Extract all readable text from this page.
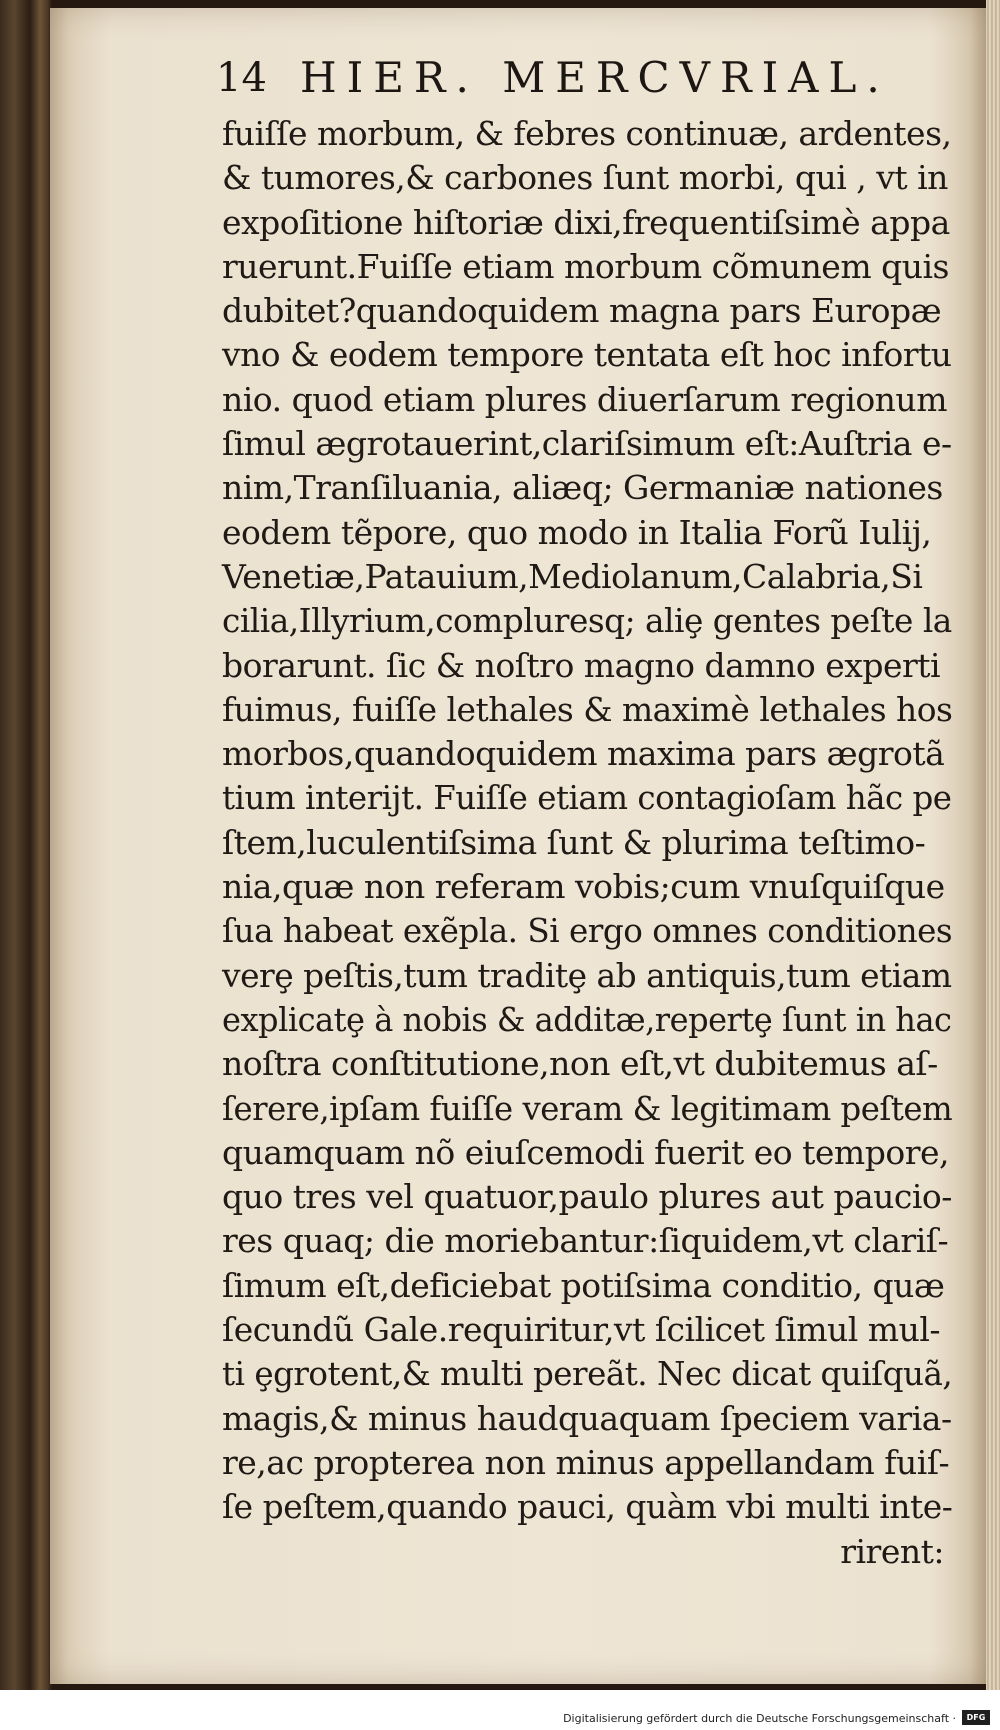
14 HIER. MERCVRIAL.
fuiſſe morbum, & febres continuæ, ardentes,
& tumores,& carbones ſunt morbi, qui , vt in
expoſitione hiſtoriæ dixi,frequentiſsimè appa
ruerunt.Fuiſſe etiam morbum cõmunem quis
dubitet?quandoquidem magna pars Europæ
vno & eodem tempore tentata eſt hoc infortu
nio. quod etiam plures diuerſarum regionum
ſimul ægrotauerint,clariſsimum eſt:Auſtria e-
nim,Tranſiluania, aliæq; Germaniæ nationes
eodem tẽpore, quo modo in Italia Forũ Iulij,
Venetiæ,Patauium,Mediolanum,Calabria,Si
cilia,Illyrium,compluresq; aliȩ gentes peſte la
borarunt. ſic & noſtro magno damno experti
fuimus, fuiſſe lethales & maximè lethales hos
morbos,quandoquidem maxima pars ægrotã
tium interijt. Fuiſſe etiam contagioſam hãc pe
ſtem,luculentiſsima ſunt & plurima teſtimo-
nia,quæ non referam vobis;cum vnuſquiſque
ſua habeat exẽpla. Si ergo omnes conditiones
verȩ peſtis,tum traditȩ ab antiquis,tum etiam
explicatȩ à nobis & additæ,repertȩ ſunt in hac
noſtra conſtitutione,non eſt,vt dubitemus aſ-
ſerere,ipſam fuiſſe veram & legitimam peſtem
quamquam nõ eiuſcemodi fuerit eo tempore,
quo tres vel quatuor,paulo plures aut paucio-
res quaq; die moriebantur:ſiquidem,vt clariſ-
ſimum eſt,deficiebat potiſsima conditio, quæ
ſecundũ Gale.requiritur,vt ſcilicet ſimul mul-
ti ȩgrotent,& multi pereãt. Nec dicat quiſquã,
magis,& minus haudquaquam ſpeciem varia-
re,ac propterea non minus appellandam fuiſ-
ſe peſtem,quando pauci, quàm vbi multi inte-
rirent:
Digitalisierung gefördert durch die Deutsche Forschungsgemeinschaft ·	DFG
